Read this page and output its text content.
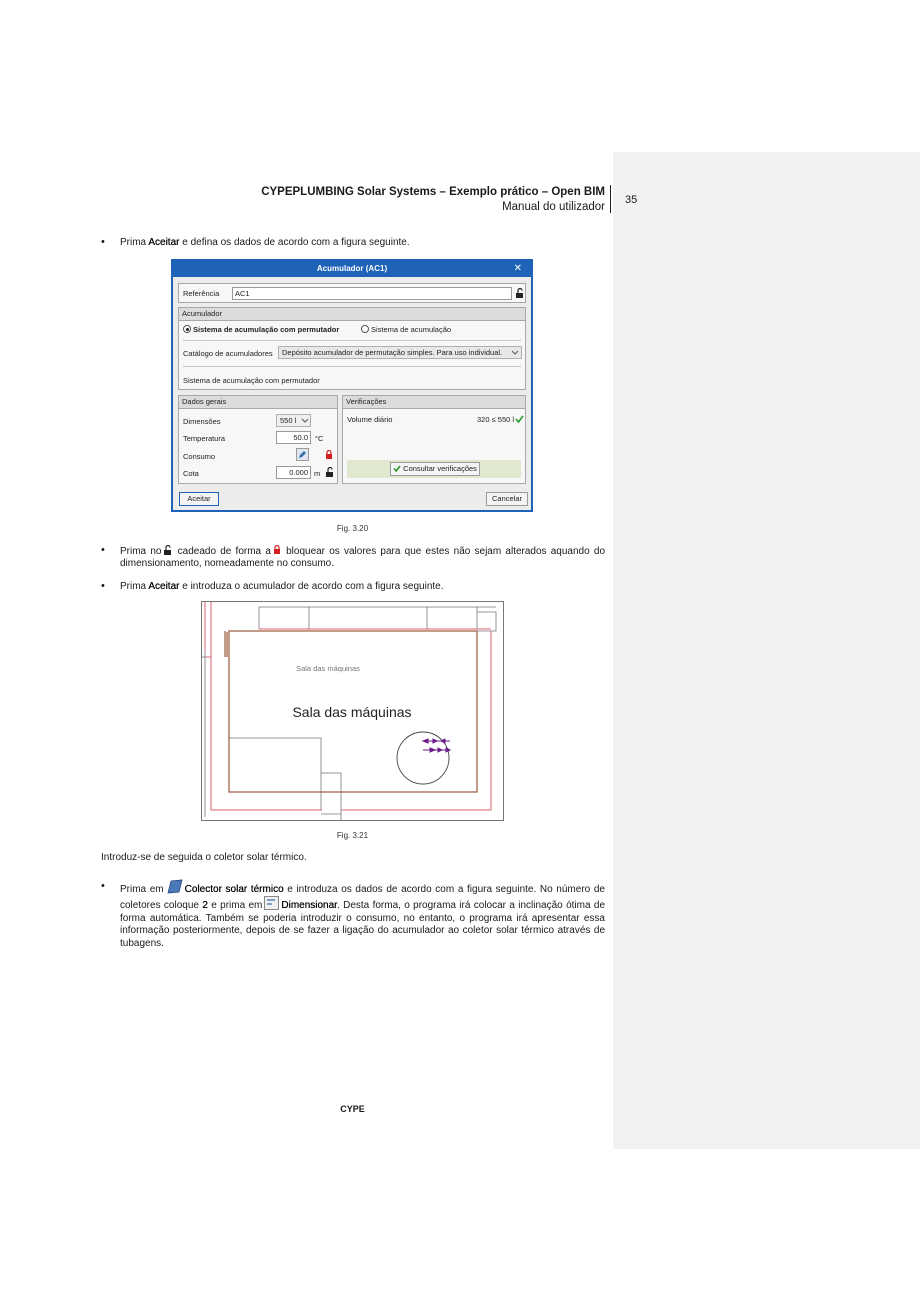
CYPEPLUMBING Solar Systems – Exemplo prático – Open BIM
Manual do utilizador
35
• Prima Aceitar e defina os dados de acordo com a figura seguinte.
Acumulador (AC1)	✕
Referência	AC1
Acumulador
Sistema de acumulação com permutador	Sistema de acumulação
Catálogo de acumuladores	Depósito acumulador de permutação simples. Para uso individual.
Sistema de acumulação com permutador
Dados gerais
Dimensões	550 l
Temperatura	50.0 °C
Consumo
Cota	0.000 m
Verificações
Volume diário	320 ≤ 550 l
Consultar verificações
Aceitar	Cancelar
Fig. 3.20
• Prima no cadeado de forma a bloquear os valores para que estes não sejam alterados aquando do dimensionamento, nomeadamente no consumo.
• Prima Aceitar e introduza o acumulador de acordo com a figura seguinte.
Sala das máquinas
Sala das máquinas
Fig. 3.21
Introduz-se de seguida o coletor solar térmico.
• Prima em Colector solar térmico e introduza os dados de acordo com a figura seguinte. No número de coletores coloque 2 e prima em Dimensionar. Desta forma, o programa irá colocar a inclinação ótima de forma automática. Também se poderia introduzir o consumo, no entanto, o programa irá apresentar essa informação posteriormente, depois de se fazer a ligação do acumulador ao coletor solar térmico através de tubagens.
CYPE
